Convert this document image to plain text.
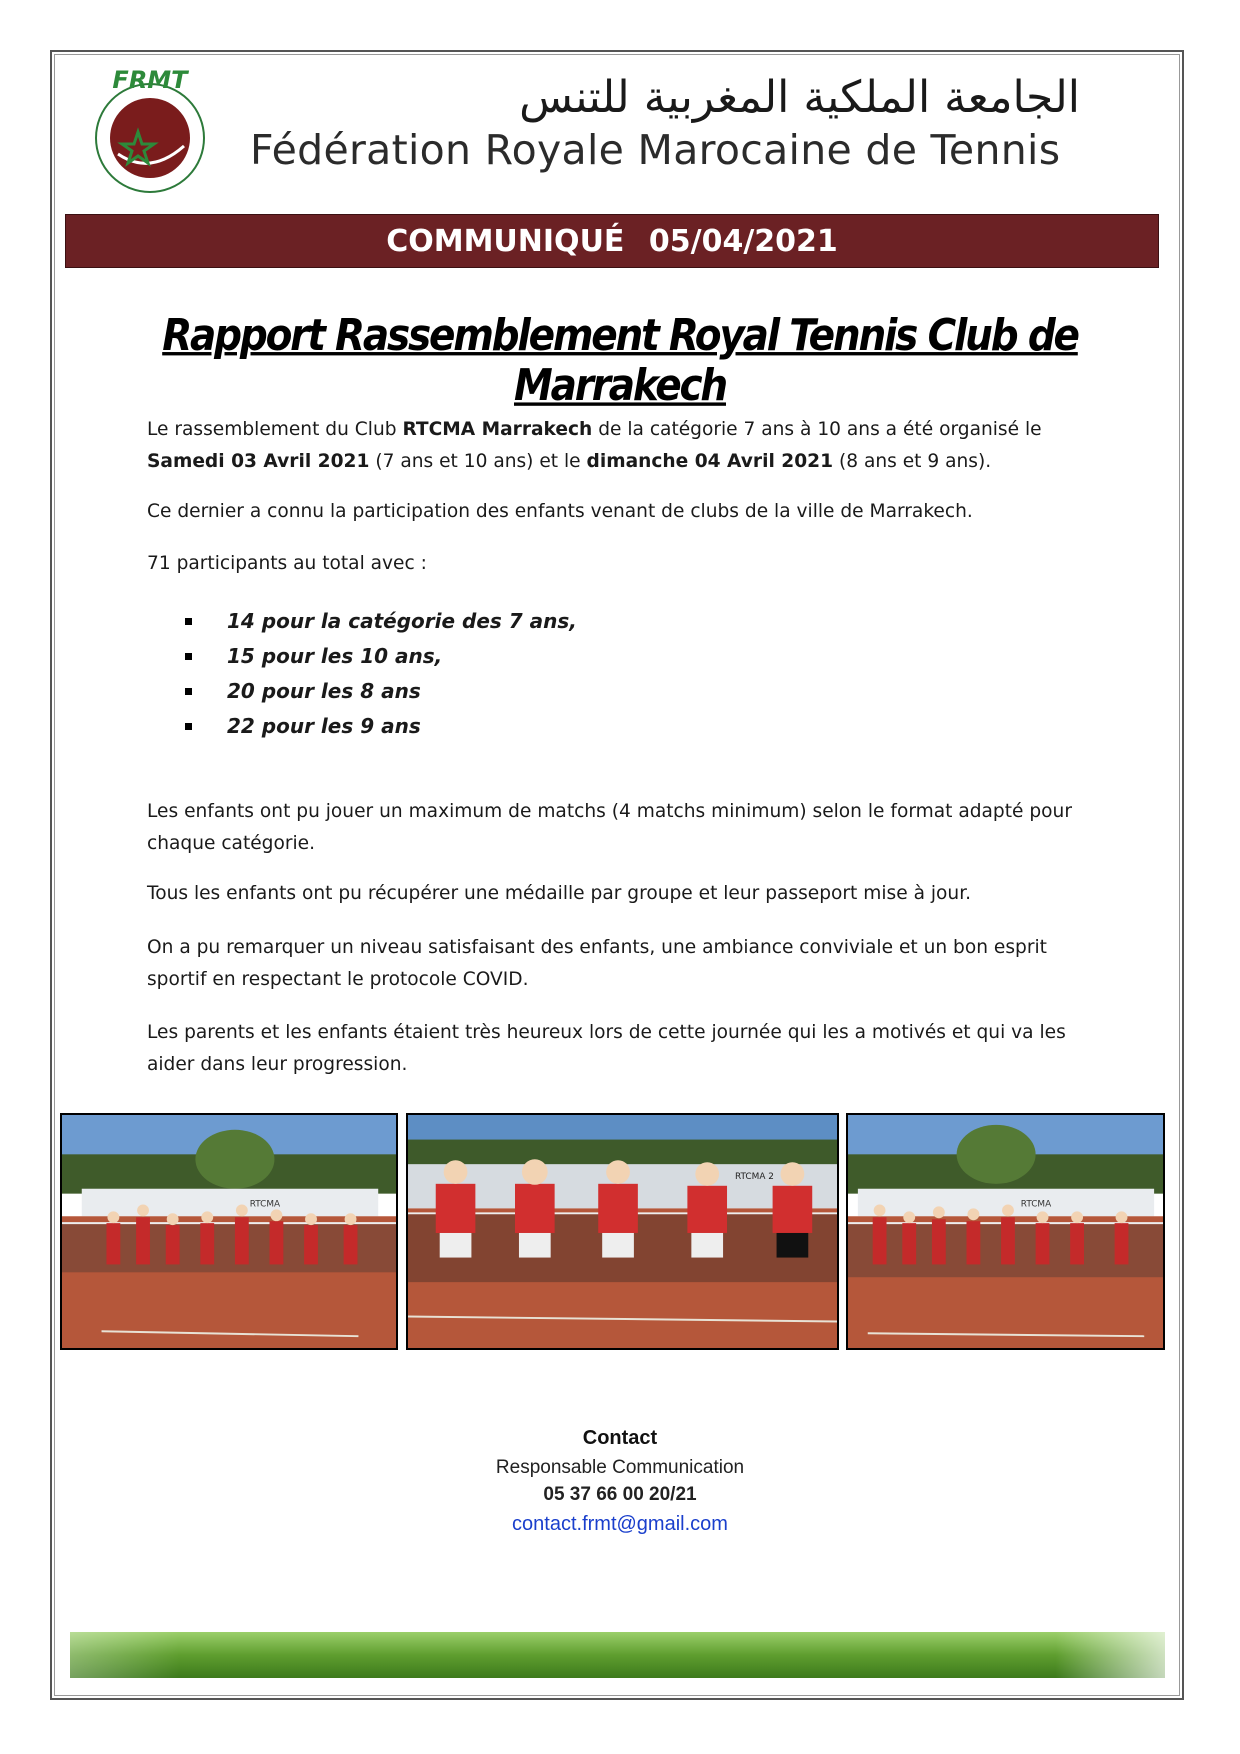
FRMT	الجامعة الملكية المغربية للتنس
Fédération Royale Marocaine de Tennis
COMMUNIQUÉ 05/04/2021
Rapport Rassemblement Royal Tennis Club de Marrakech

Le rassemblement du Club RTCMA Marrakech de la catégorie 7 ans à 10 ans a été organisé le Samedi 03 Avril 2021 (7 ans et 10 ans) et le dimanche 04 Avril 2021 (8 ans et 9 ans).

Ce dernier a connu la participation des enfants venant de clubs de la ville de Marrakech.

71 participants au total avec :

14 pour la catégorie des 7 ans,
15 pour les 10 ans,
20 pour les 8 ans
22 pour les 9 ans

Les enfants ont pu jouer un maximum de matchs (4 matchs minimum) selon le format adapté pour chaque catégorie.

Tous les enfants ont pu récupérer une médaille par groupe et leur passeport mise à jour.

On a pu remarquer un niveau satisfaisant des enfants, une ambiance conviviale et un bon esprit sportif en respectant le protocole COVID.

Les parents et les enfants étaient très heureux lors de cette journée qui les a motivés et qui va les aider dans leur progression.

RTCMA
RTCMA 2
RTCMA
Contact
Responsable Communication
05 37 66 00 20/21
contact.frmt@gmail.com
